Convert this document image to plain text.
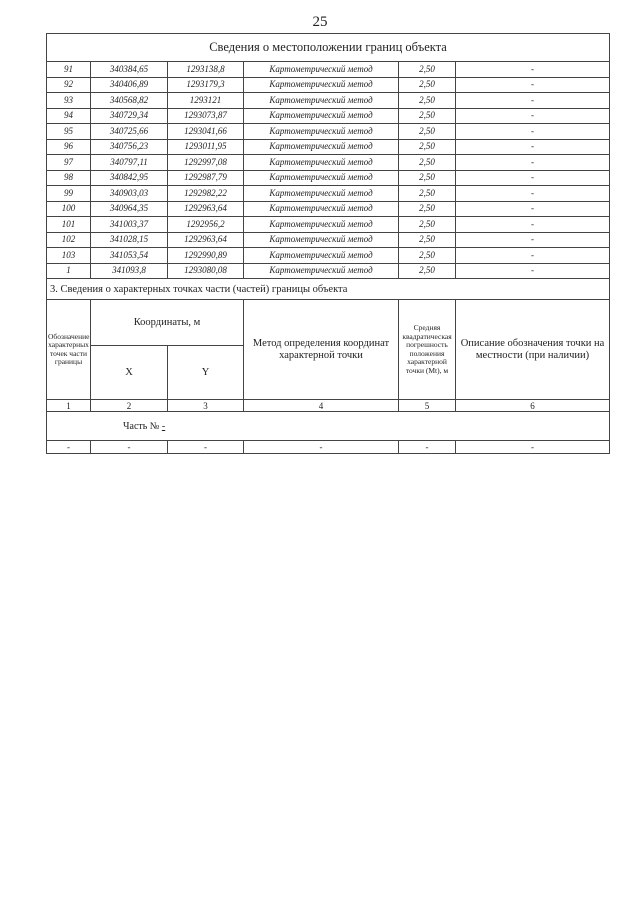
25
Сведения о местоположении границ объекта					
91	340384,65	1293138,8	Картометрический метод	2,50	-
92	340406,89	1293179,3	Картометрический метод	2,50	-
93	340568,82	1293121	Картометрический метод	2,50	-
94	340729,34	1293073,87	Картометрический метод	2,50	-
95	340725,66	1293041,66	Картометрический метод	2,50	-
96	340756,23	1293011,95	Картометрический метод	2,50	-
97	340797,11	1292997,08	Картометрический метод	2,50	-
98	340842,95	1292987,79	Картометрический метод	2,50	-
99	340903,03	1292982,22	Картометрический метод	2,50	-
100	340964,35	1292963,64	Картометрический метод	2,50	-
101	341003,37	1292956,2	Картометрический метод	2,50	-
102	341028,15	1292963,64	Картометрический метод	2,50	-
103	341053,54	1292990,89	Картометрический метод	2,50	-
1	341093,8	1293080,08	Картометрический метод	2,50	-
3. Сведения о характерных точках части (частей) границы объекта					
Обозначение характерных точек части границы	Координаты, м		Метод определения координат характерной точки	Средняя квадратическая погрешность положения характерной точки (Mt), м	Описание обозначения точки на местности (при наличии)
	X	Y			
1	2	3	4	5	6
Часть № -					
-	-	-	-	-	-
